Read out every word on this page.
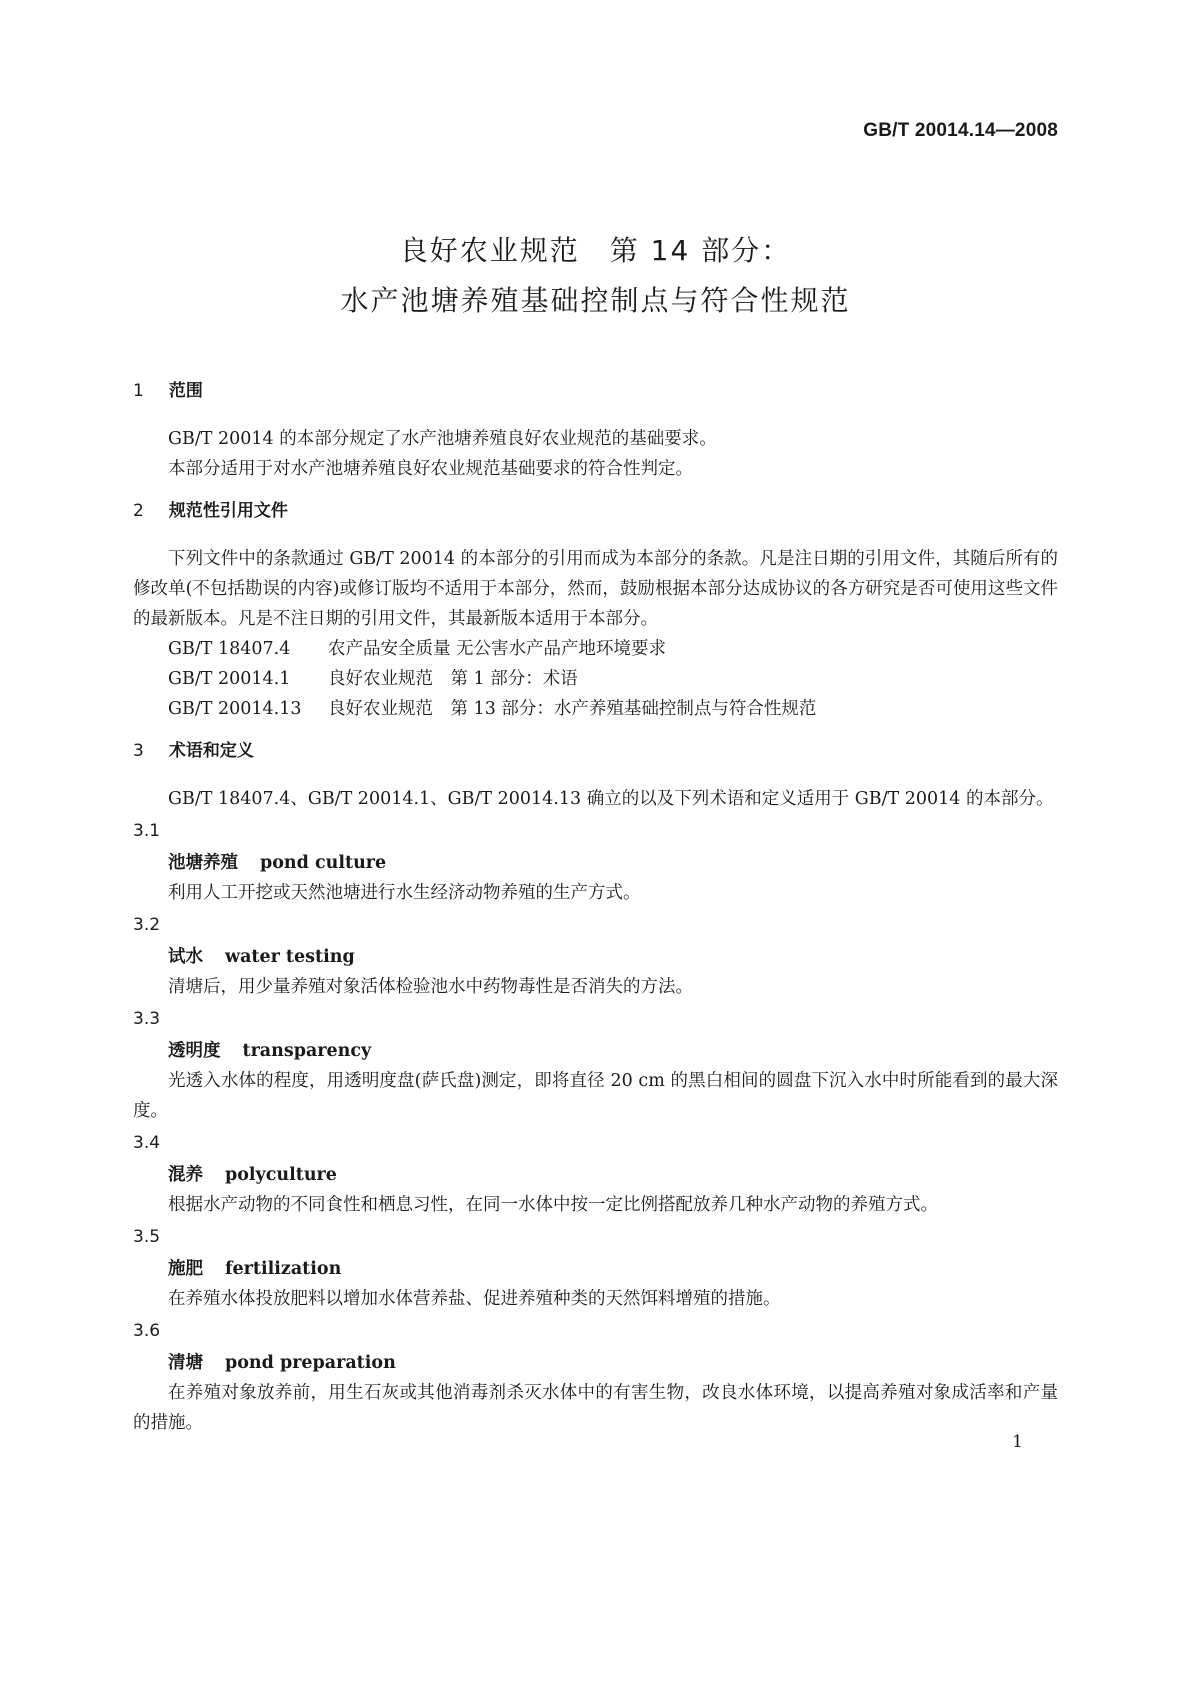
GB/T 20014.14—2008
良好农业规范　第 14 部分：
水产池塘养殖基础控制点与符合性规范
1 范围

GB/T 20014 的本部分规定了水产池塘养殖良好农业规范的基础要求。

本部分适用于对水产池塘养殖良好农业规范基础要求的符合性判定。

2 规范性引用文件

下列文件中的条款通过 GB/T 20014 的本部分的引用而成为本部分的条款。凡是注日期的引用文件，其随后所有的修改单(不包括勘误的内容)或修订版均不适用于本部分，然而，鼓励根据本部分达成协议的各方研究是否可使用这些文件的最新版本。凡是不注日期的引用文件，其最新版本适用于本部分。

GB/T 18407.4 农产品安全质量 无公害水产品产地环境要求

GB/T 20014.1 良好农业规范　第 1 部分：术语

GB/T 20014.13 良好农业规范　第 13 部分：水产养殖基础控制点与符合性规范

3 术语和定义

GB/T 18407.4、GB/T 20014.1、GB/T 20014.13 确立的以及下列术语和定义适用于 GB/T 20014 的本部分。

3.1

池塘养殖 pond culture

利用人工开挖或天然池塘进行水生经济动物养殖的生产方式。

3.2

试水 water testing

清塘后，用少量养殖对象活体检验池水中药物毒性是否消失的方法。

3.3

透明度 transparency

光透入水体的程度，用透明度盘(萨氏盘)测定，即将直径 20 cm 的黑白相间的圆盘下沉入水中时所能看到的最大深度。

3.4

混养 polyculture

根据水产动物的不同食性和栖息习性，在同一水体中按一定比例搭配放养几种水产动物的养殖方式。

3.5

施肥 fertilization

在养殖水体投放肥料以增加水体营养盐、促进养殖种类的天然饵料增殖的措施。

3.6

清塘 pond preparation

在养殖对象放养前，用生石灰或其他消毒剂杀灭水体中的有害生物，改良水体环境，以提高养殖对象成活率和产量的措施。

1
